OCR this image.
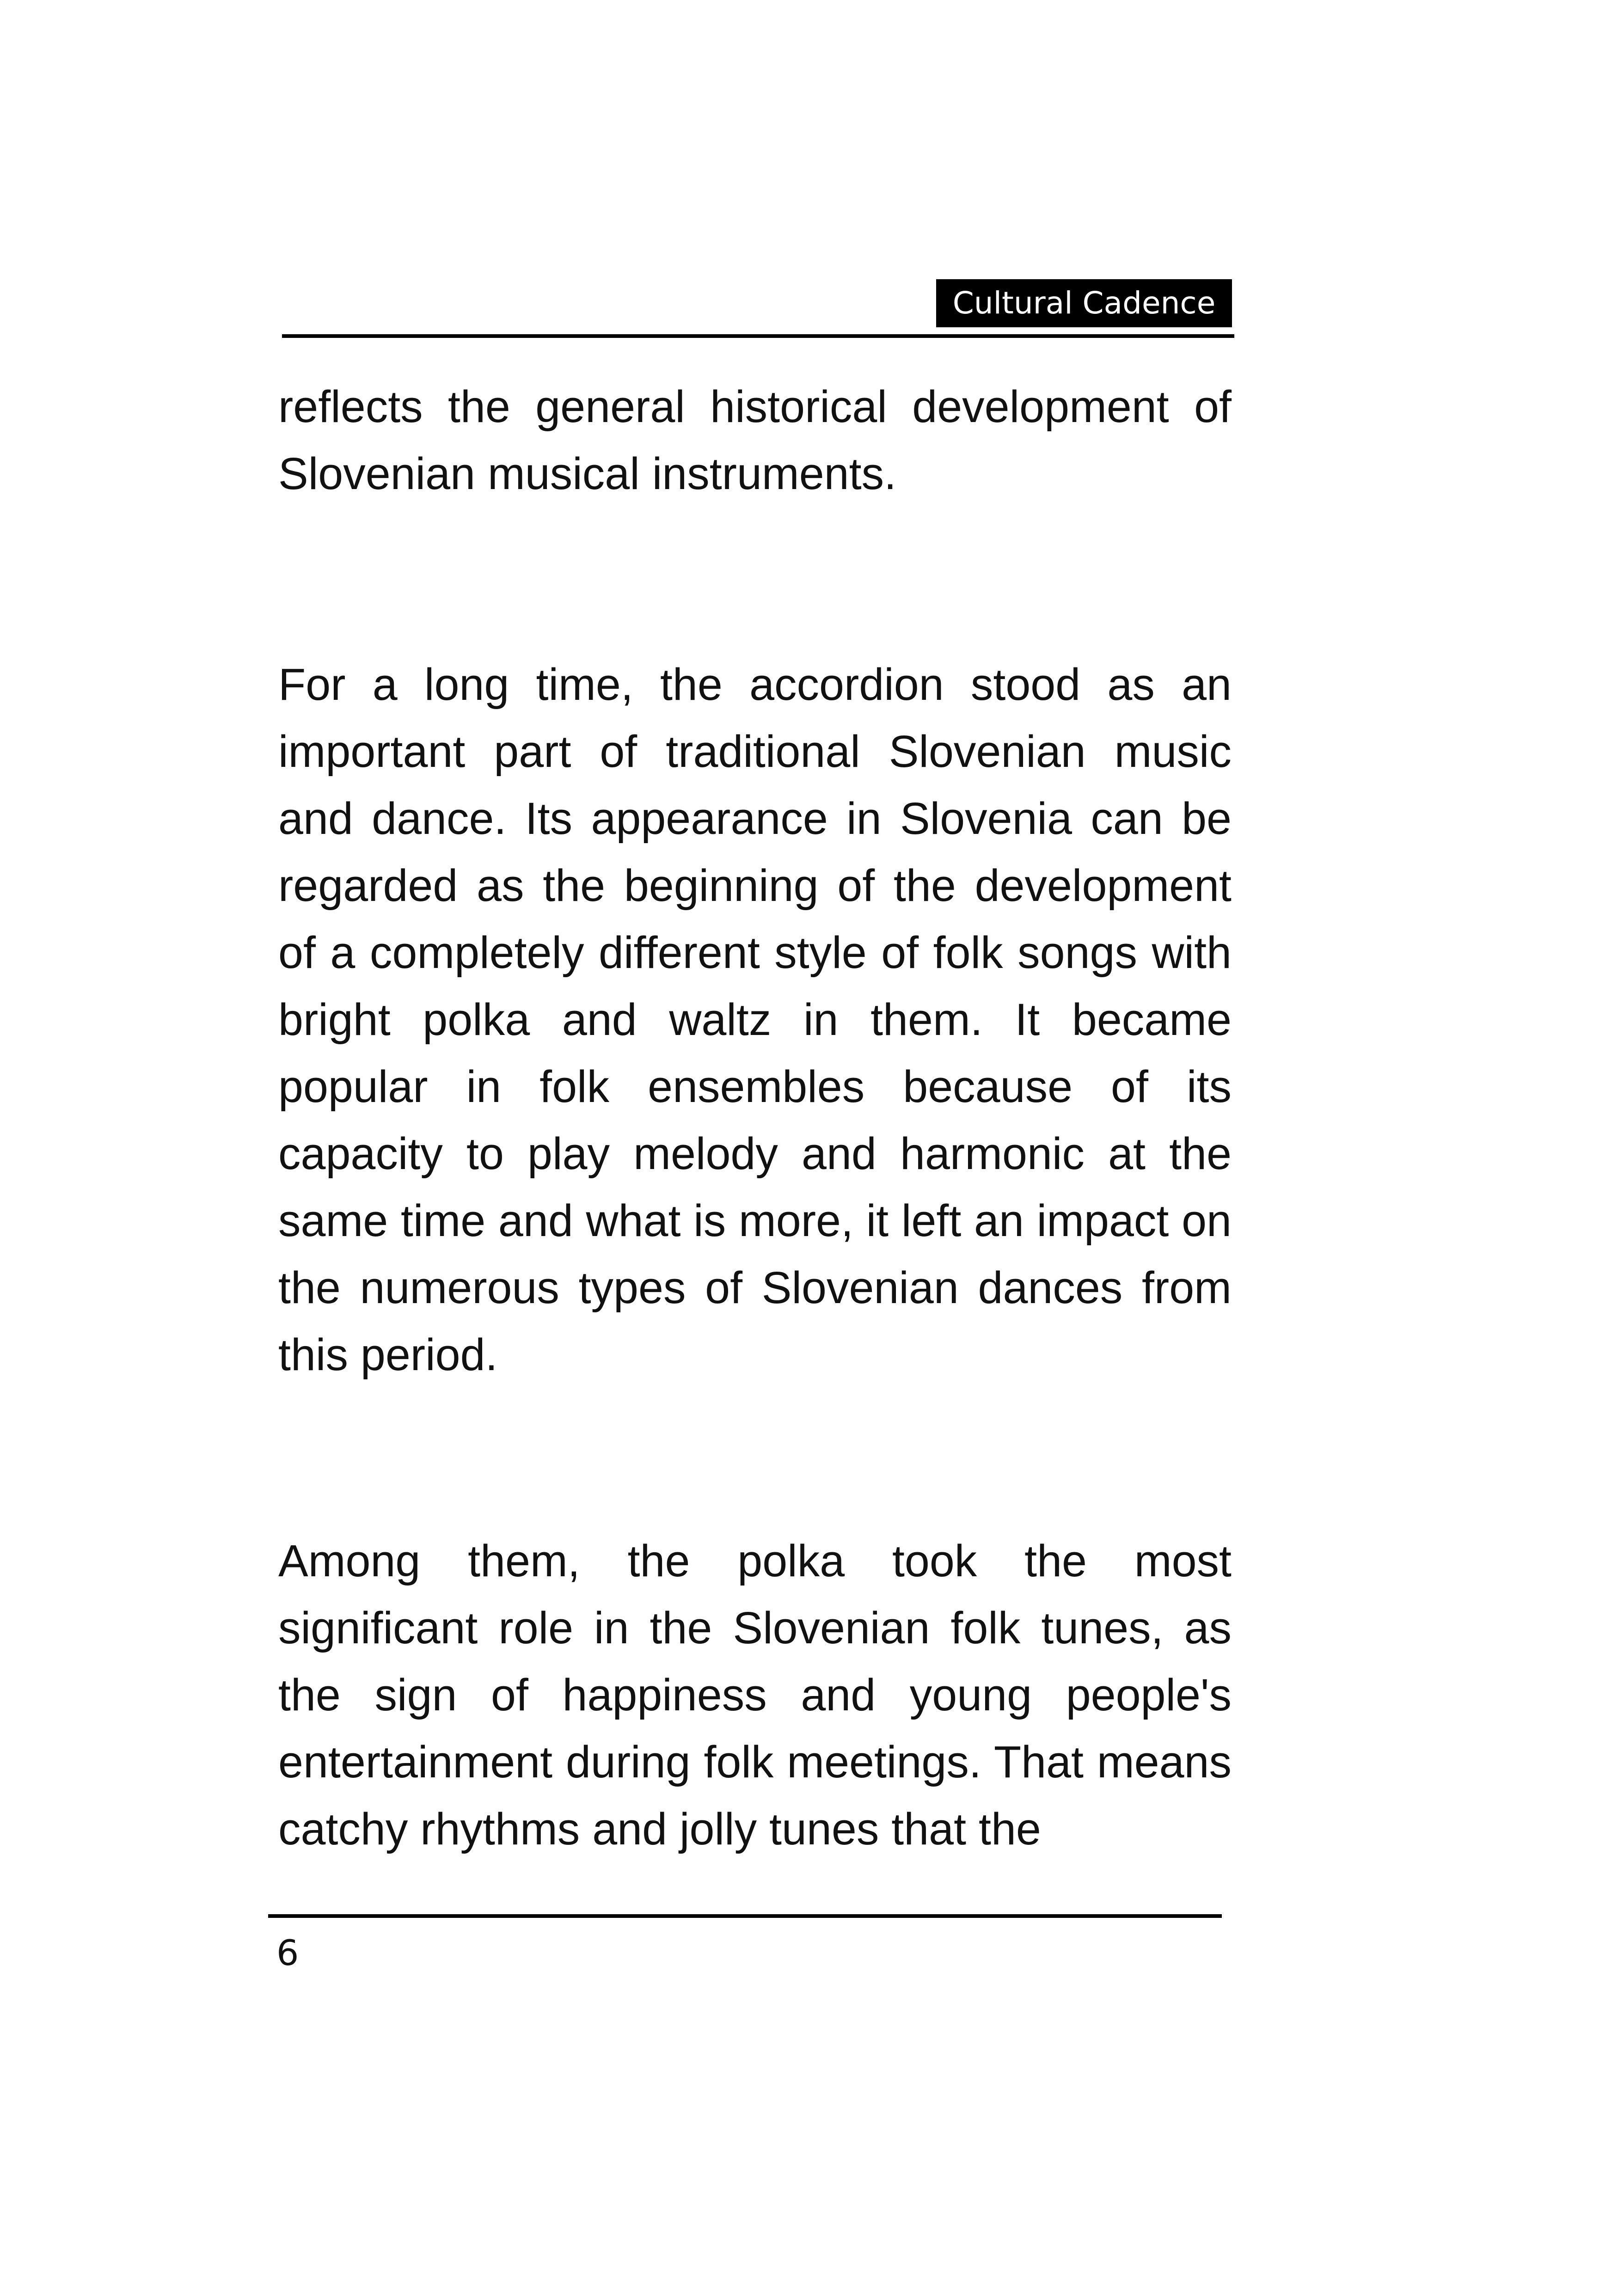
Cultural Cadence

reflects the general historical development of Slovenian musical instruments.

For a long time, the accordion stood as an important part of traditional Slovenian music and dance. Its appearance in Slovenia can be regarded as the beginning of the development of a completely different style of folk songs with bright polka and waltz in them. It became popular in folk ensembles because of its capacity to play melody and harmonic at the same time and what is more, it left an impact on the numerous types of Slovenian dances from this period.

Among them, the polka took the most significant role in the Slovenian folk tunes, as the sign of happiness and young people's entertainment during folk meetings. That means catchy rhythms and jolly tunes that the

6
